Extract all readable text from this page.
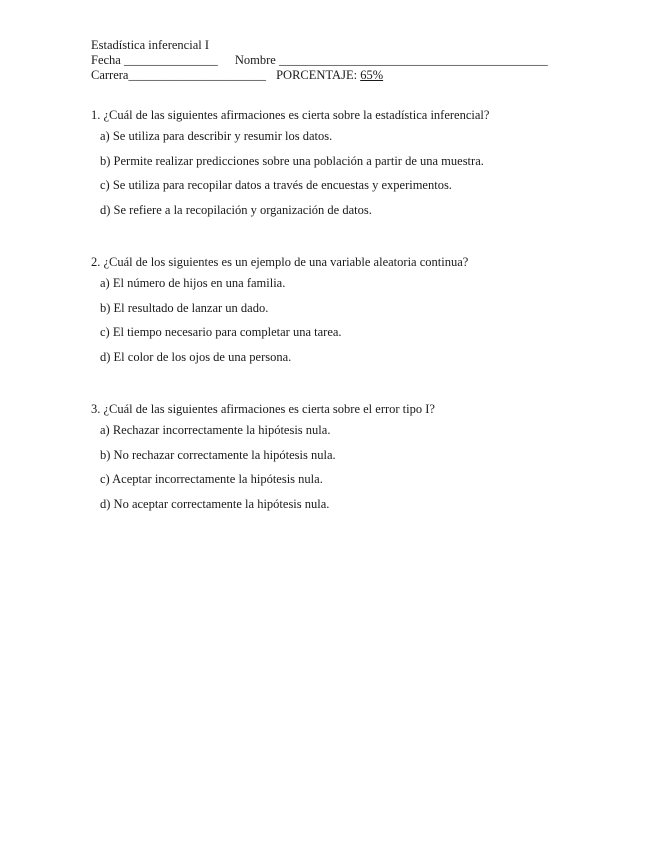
Estadística inferencial I
Fecha _______________ Nombre ___________________________________________
Carrera______________________ PORCENTAJE: 65%
1. ¿Cuál de las siguientes afirmaciones es cierta sobre la estadística inferencial?
a) Se utiliza para describir y resumir los datos.
b) Permite realizar predicciones sobre una población a partir de una muestra.
c) Se utiliza para recopilar datos a través de encuestas y experimentos.
d) Se refiere a la recopilación y organización de datos.
2. ¿Cuál de los siguientes es un ejemplo de una variable aleatoria continua?
a) El número de hijos en una familia.
b) El resultado de lanzar un dado.
c) El tiempo necesario para completar una tarea.
d) El color de los ojos de una persona.
3. ¿Cuál de las siguientes afirmaciones es cierta sobre el error tipo I?
a) Rechazar incorrectamente la hipótesis nula.
b) No rechazar correctamente la hipótesis nula.
c) Aceptar incorrectamente la hipótesis nula.
d) No aceptar correctamente la hipótesis nula.
